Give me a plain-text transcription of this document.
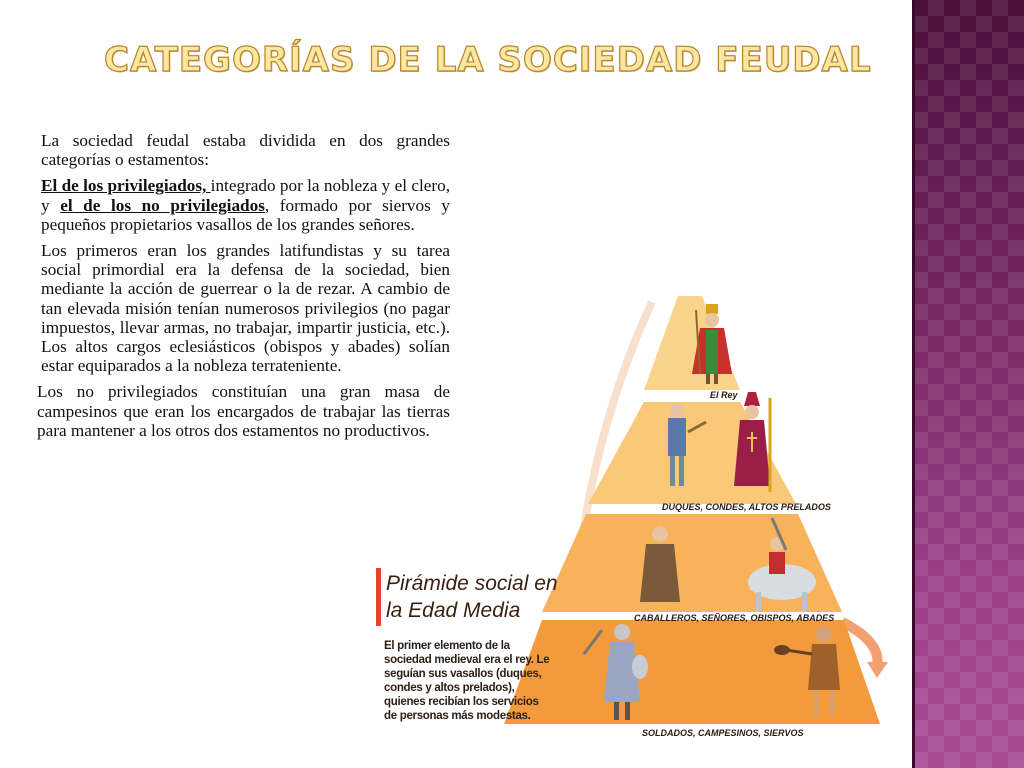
CATEGORÍAS DE LA SOCIEDAD FEUDAL

La sociedad feudal estaba dividida en dos grandes categorías o estamentos:

El de los privilegiados, integrado por la nobleza y el clero, y el de los no privilegiados, formado por siervos y pequeños propietarios vasallos de los grandes señores.

Los primeros eran los grandes latifundistas y su tarea social primordial era la defensa de la sociedad, bien mediante la acción de guerrear o la de rezar. A cambio de tan elevada misión tenían numerosos privilegios (no pagar impuestos, llevar armas, no trabajar, impartir justicia, etc.). Los altos cargos eclesiásticos (obispos y abades) solían estar equiparados a la nobleza terrateniente.

Los no privilegiados constituían una gran masa de campesinos que eran los encargados de trabajar las tierras para mantener a los otros dos estamentos no productivos.

Pirámide social en la Edad Media
El primer elemento de la sociedad medieval era el rey. Le seguían sus vasallos (duques, condes y altos prelados), quienes recibían los servicios de personas más modestas.
El Rey
DUQUES, CONDES, ALTOS PRELADOS
CABALLEROS, SEÑORES, OBISPOS, ABADES
SOLDADOS, CAMPESINOS, SIERVOS
